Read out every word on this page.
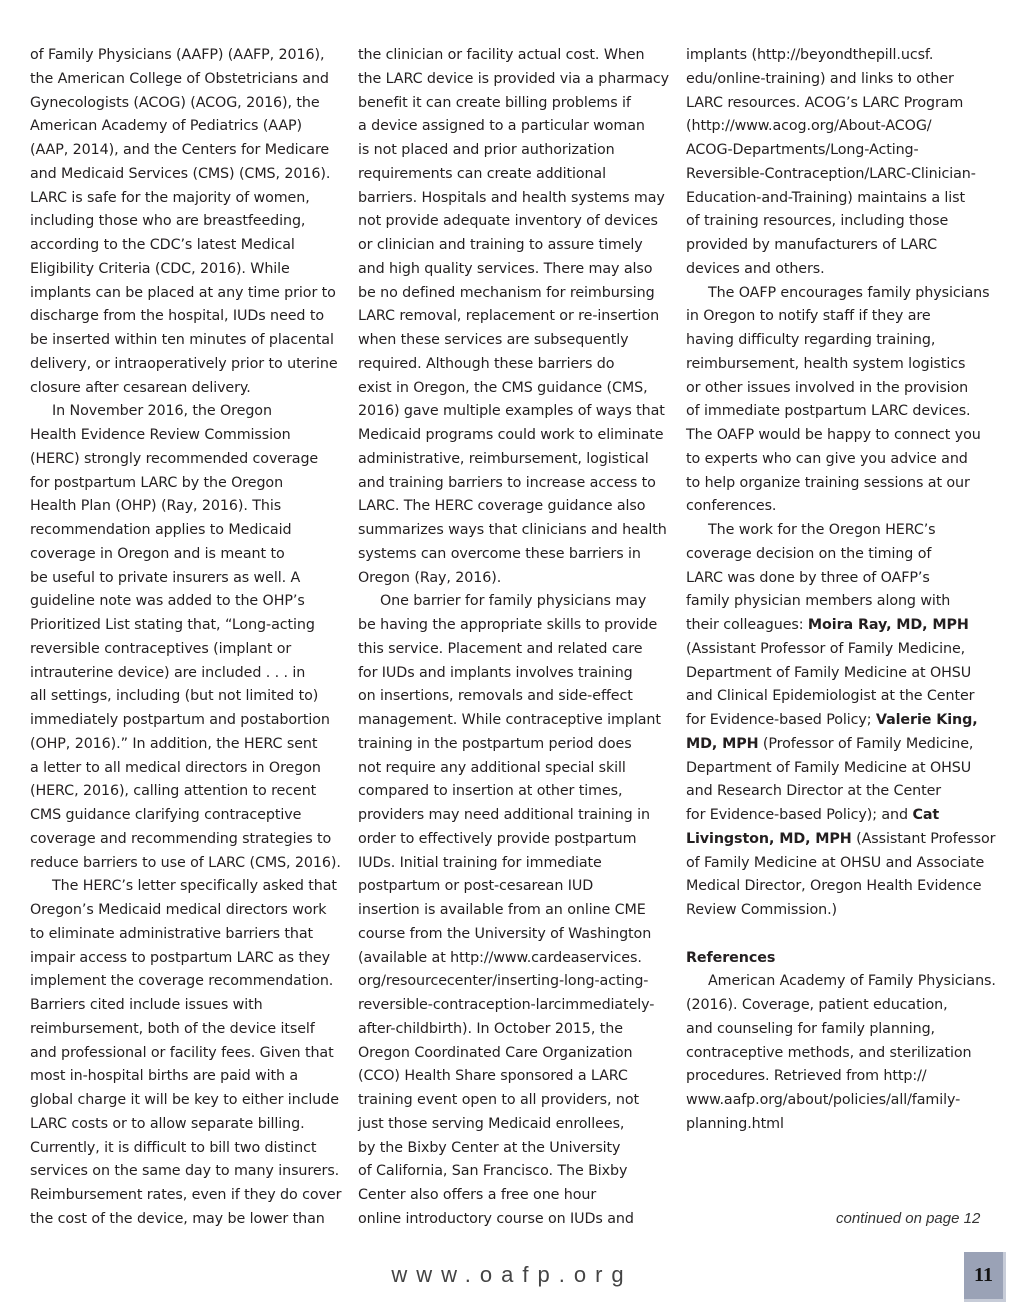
of Family Physicians (AAFP) (AAFP, 2016),
the American College of Obstetricians and
Gynecologists (ACOG) (ACOG, 2016), the
American Academy of Pediatrics (AAP)
(AAP, 2014), and the Centers for Medicare
and Medicaid Services (CMS) (CMS, 2016).
LARC is safe for the majority of women,
including those who are breastfeeding,
according to the CDC’s latest Medical
Eligibility Criteria (CDC, 2016). While
implants can be placed at any time prior to
discharge from the hospital, IUDs need to
be inserted within ten minutes of placental
delivery, or intraoperatively prior to uterine
closure after cesarean delivery.
In November 2016, the Oregon
Health Evidence Review Commission
(HERC) strongly recommended coverage
for postpartum LARC by the Oregon
Health Plan (OHP) (Ray, 2016). This
recommendation applies to Medicaid
coverage in Oregon and is meant to
be useful to private insurers as well. A
guideline note was added to the OHP’s
Prioritized List stating that, “Long-acting
reversible contraceptives (implant or
intrauterine device) are included . . . in
all settings, including (but not limited to)
immediately postpartum and postabortion
(OHP, 2016).” In addition, the HERC sent
a letter to all medical directors in Oregon
(HERC, 2016), calling attention to recent
CMS guidance clarifying contraceptive
coverage and recommending strategies to
reduce barriers to use of LARC (CMS, 2016).
The HERC’s letter specifically asked that
Oregon’s Medicaid medical directors work
to eliminate administrative barriers that
impair access to postpartum LARC as they
implement the coverage recommendation.
Barriers cited include issues with
reimbursement, both of the device itself
and professional or facility fees. Given that
most in-hospital births are paid with a
global charge it will be key to either include
LARC costs or to allow separate billing.
Currently, it is difficult to bill two distinct
services on the same day to many insurers.
Reimbursement rates, even if they do cover
the cost of the device, may be lower than
the clinician or facility actual cost. When
the LARC device is provided via a pharmacy
benefit it can create billing problems if
a device assigned to a particular woman
is not placed and prior authorization
requirements can create additional
barriers. Hospitals and health systems may
not provide adequate inventory of devices
or clinician and training to assure timely
and high quality services. There may also
be no defined mechanism for reimbursing
LARC removal, replacement or re-insertion
when these services are subsequently
required. Although these barriers do
exist in Oregon, the CMS guidance (CMS,
2016) gave multiple examples of ways that
Medicaid programs could work to eliminate
administrative, reimbursement, logistical
and training barriers to increase access to
LARC. The HERC coverage guidance also
summarizes ways that clinicians and health
systems can overcome these barriers in
Oregon (Ray, 2016).
One barrier for family physicians may
be having the appropriate skills to provide
this service. Placement and related care
for IUDs and implants involves training
on insertions, removals and side-effect
management. While contraceptive implant
training in the postpartum period does
not require any additional special skill
compared to insertion at other times,
providers may need additional training in
order to effectively provide postpartum
IUDs. Initial training for immediate
postpartum or post-cesarean IUD
insertion is available from an online CME
course from the University of Washington
(available at http://www.cardeaservices.
org/resourcecenter/inserting-long-acting-
reversible-contraception-larcimmediately-
after-childbirth). In October 2015, the
Oregon Coordinated Care Organization
(CCO) Health Share sponsored a LARC
training event open to all providers, not
just those serving Medicaid enrollees,
by the Bixby Center at the University
of California, San Francisco. The Bixby
Center also offers a free one hour
online introductory course on IUDs and
implants (http://beyondthepill.ucsf.
edu/online-training) and links to other
LARC resources. ACOG’s LARC Program
(http://www.acog.org/About-ACOG/
ACOG-Departments/Long-Acting-
Reversible-Contraception/LARC-Clinician-
Education-and-Training) maintains a list
of training resources, including those
provided by manufacturers of LARC
devices and others.
The OAFP encourages family physicians
in Oregon to notify staff if they are
having difficulty regarding training,
reimbursement, health system logistics
or other issues involved in the provision
of immediate postpartum LARC devices.
The OAFP would be happy to connect you
to experts who can give you advice and
to help organize training sessions at our
conferences.
The work for the Oregon HERC’s
coverage decision on the timing of
LARC was done by three of OAFP’s
family physician members along with
their colleagues: Moira Ray, MD, MPH
(Assistant Professor of Family Medicine,
Department of Family Medicine at OHSU
and Clinical Epidemiologist at the Center
for Evidence-based Policy; Valerie King,
MD, MPH (Professor of Family Medicine,
Department of Family Medicine at OHSU
and Research Director at the Center
for Evidence-based Policy); and Cat
Livingston, MD, MPH (Assistant Professor
of Family Medicine at OHSU and Associate
Medical Director, Oregon Health Evidence
Review Commission.)
References
American Academy of Family Physicians.
(2016). Coverage, patient education,
and counseling for family planning,
contraceptive methods, and sterilization
procedures. Retrieved from http://
www.aafp.org/about/policies/all/family-
planning.html
continued on page 12
www.oafp.org	11
